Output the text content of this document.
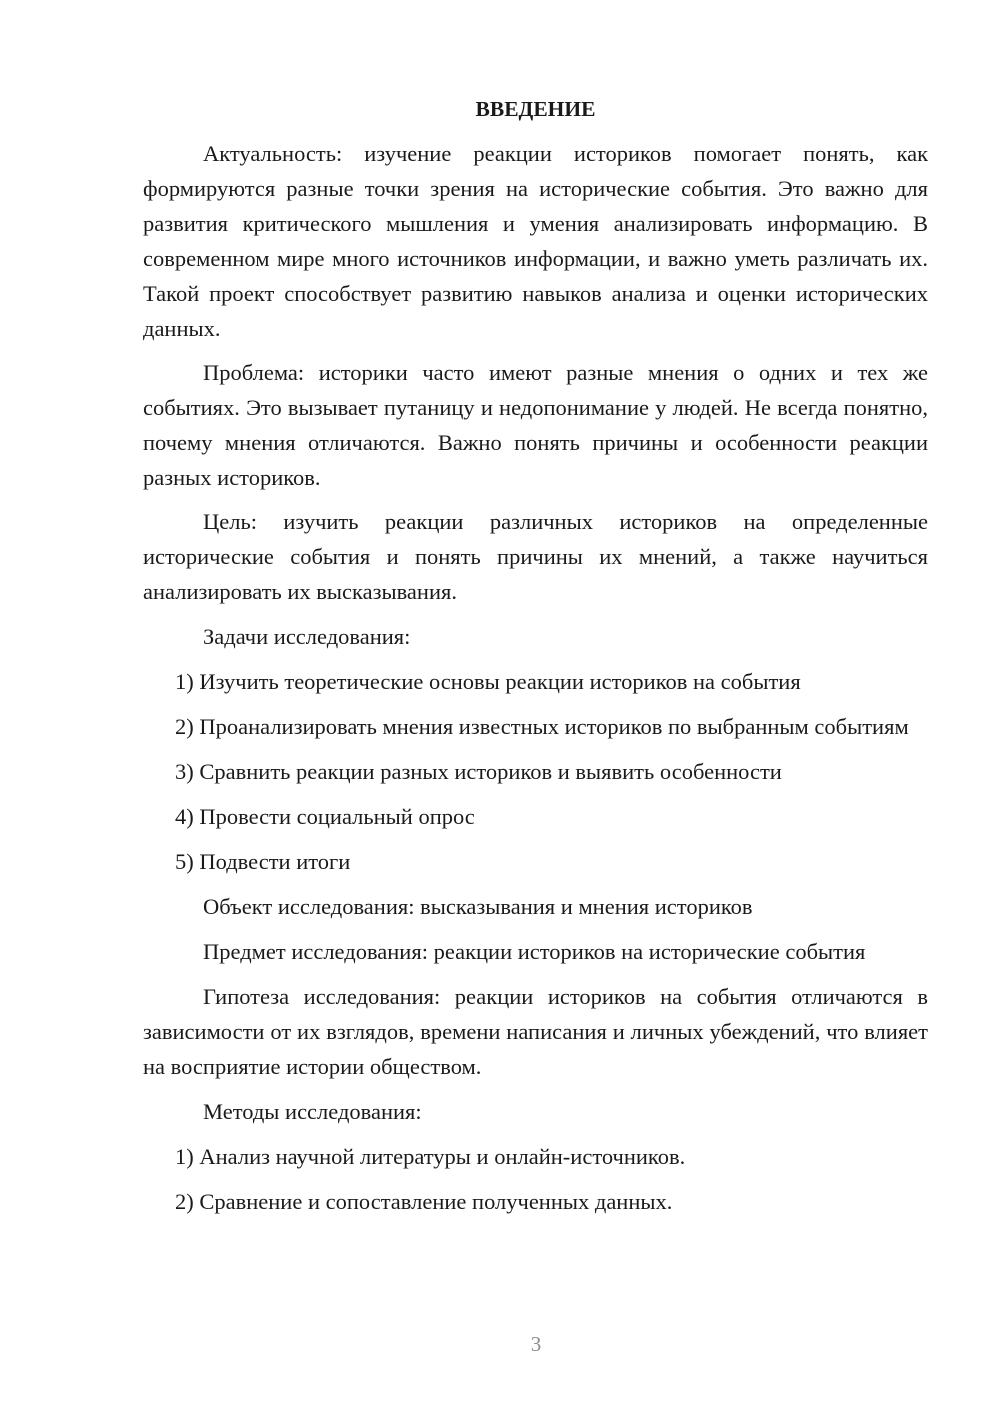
ВВЕДЕНИЕ

Актуальность: изучение реакции историков помогает понять, как формируются разные точки зрения на исторические события. Это важно для развития критического мышления и умения анализировать информацию. В современном мире много источников информации, и важно уметь различать их. Такой проект способствует развитию навыков анализа и оценки исторических данных.

Проблема: историки часто имеют разные мнения о одних и тех же событиях. Это вызывает путаницу и недопонимание у людей. Не всегда понятно, почему мнения отличаются. Важно понять причины и особенности реакции разных историков.

Цель: изучить реакции различных историков на определенные исторические события и понять причины их мнений, а также научиться анализировать их высказывания.

Задачи исследования:

1) Изучить теоретические основы реакции историков на события

2) Проанализировать мнения известных историков по выбранным событиям

3) Сравнить реакции разных историков и выявить особенности

4) Провести социальный опрос

5) Подвести итоги

Объект исследования: высказывания и мнения историков

Предмет исследования: реакции историков на исторические события

Гипотеза исследования: реакции историков на события отличаются в зависимости от их взглядов, времени написания и личных убеждений, что влияет на восприятие истории обществом.

Методы исследования:

1) Анализ научной литературы и онлайн-источников.

2) Сравнение и сопоставление полученных данных.

3
